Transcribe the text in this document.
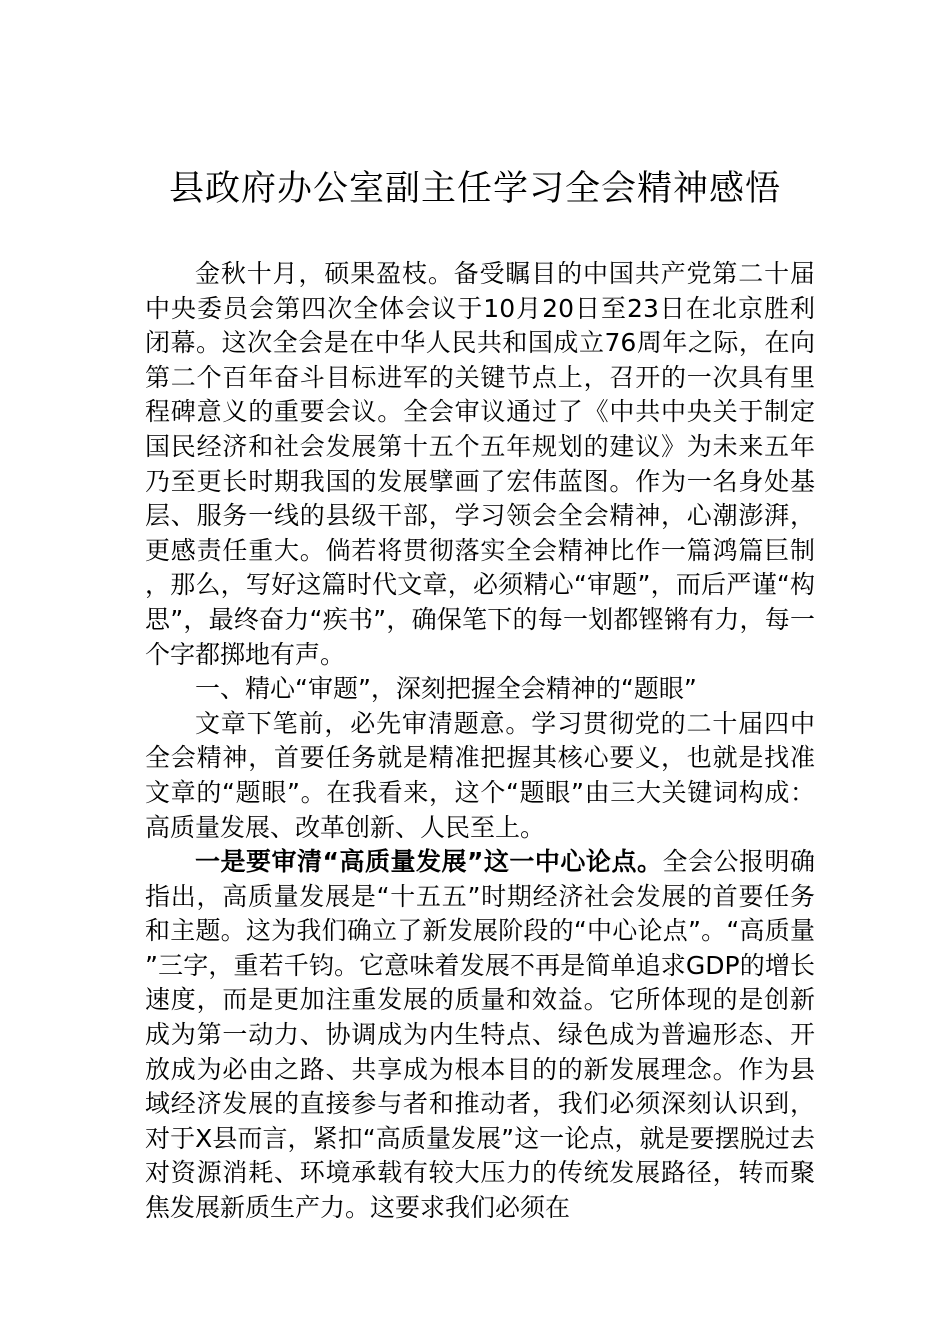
县政府办公室副主任学习全会精神感悟

金秋十月，硕果盈枝。备受瞩目的中国共产党第二十届中央委员会第四次全体会议于10月20日至23日在北京胜利闭幕。这次全会是在中华人民共和国成立76周年之际，在向第二个百年奋斗目标进军的关键节点上，召开的一次具有里程碑意义的重要会议。全会审议通过了《中共中央关于制定国民经济和社会发展第十五个五年规划的建议》为未来五年乃至更长时期我国的发展擘画了宏伟蓝图。作为一名身处基层、服务一线的县级干部，学习领会全会精神，心潮澎湃，更感责任重大。倘若将贯彻落实全会精神比作一篇鸿篇巨制，那么，写好这篇时代文章，必须精心“审题”，而后严谨“构思”，最终奋力“疾书”，确保笔下的每一划都铿锵有力，每一个字都掷地有声。

一、精心“审题”，深刻把握全会精神的“题眼”

文章下笔前，必先审清题意。学习贯彻党的二十届四中全会精神，首要任务就是精准把握其核心要义，也就是找准文章的“题眼”。在我看来，这个“题眼”由三大关键词构成：高质量发展、改革创新、人民至上。

一是要审清“高质量发展”这一中心论点。全会公报明确指出，高质量发展是“十五五”时期经济社会发展的首要任务和主题。这为我们确立了新发展阶段的“中心论点”。“高质量”三字，重若千钧。它意味着发展不再是简单追求GDP的增长速度，而是更加注重发展的质量和效益。它所体现的是创新成为第一动力、协调成为内生特点、绿色成为普遍形态、开放成为必由之路、共享成为根本目的的新发展理念。作为县域经济发展的直接参与者和推动者，我们必须深刻认识到，对于X县而言，紧扣“高质量发展”这一论点，就是要摆脱过去对资源消耗、环境承载有较大压力的传统发展路径，转而聚焦发展新质生产力。这要求我们必须在
